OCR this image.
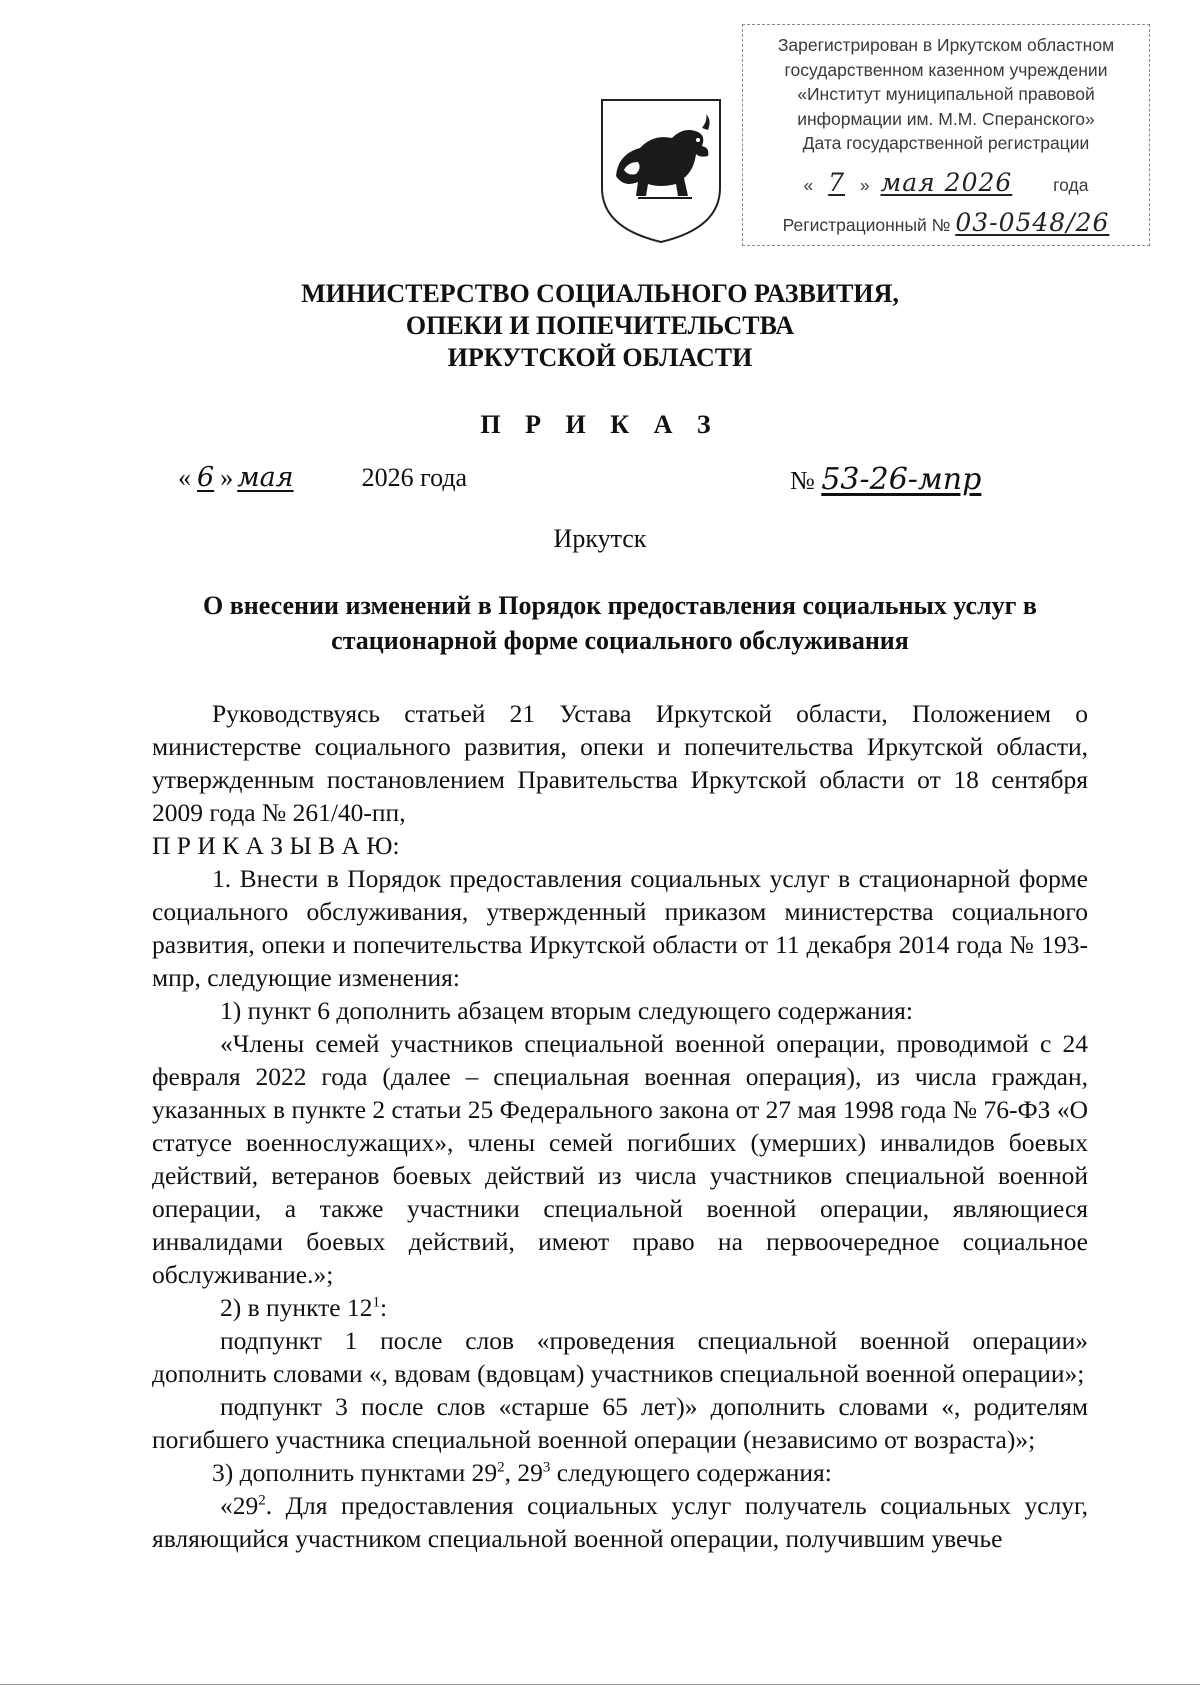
Зарегистрирован в Иркутском областном
государственном казенном учреждении
«Институт муниципальной правовой
информации им. М.М. Сперанского»
Дата государственной регистрации
« 7 » мая 2026 года
Регистрационный № 03-0548/26
МИНИСТЕРСТВО СОЦИАЛЬНОГО РАЗВИТИЯ,
ОПЕКИ И ПОПЕЧИТЕЛЬСТВА
ИРКУТСКОЙ ОБЛАСТИ
П Р И К А З
« 6 » мая	2026 года	№ 53-26-мпр
Иркутск
О внесении изменений в Порядок предоставления социальных услуг в
стационарной форме социального обслуживания

Руководствуясь статьей 21 Устава Иркутской области, Положением о министерстве социального развития, опеки и попечительства Иркутской области, утвержденным постановлением Правительства Иркутской области от 18 сентября 2009 года № 261/40-пп,

П Р И К А З Ы В А Ю:

1. Внести в Порядок предоставления социальных услуг в стационарной форме социального обслуживания, утвержденный приказом министерства социального развития, опеки и попечительства Иркутской области от 11 декабря 2014 года № 193-мпр, следующие изменения:

1) пункт 6 дополнить абзацем вторым следующего содержания:

«Члены семей участников специальной военной операции, проводимой с 24 февраля 2022 года (далее – специальная военная операция), из числа граждан, указанных в пункте 2 статьи 25 Федерального закона от 27 мая 1998 года № 76-ФЗ «О статусе военнослужащих», члены семей погибших (умерших) инвалидов боевых действий, ветеранов боевых действий из числа участников специальной военной операции, а также участники специальной военной операции, являющиеся инвалидами боевых действий, имеют право на первоочередное социальное обслуживание.»;

2) в пункте $12^1$:

подпункт 1 после слов «проведения специальной военной операции» дополнить словами «, вдовам (вдовцам) участников специальной военной операции»;

подпункт 3 после слов «старше 65 лет)» дополнить словами «, родителям погибшего участника специальной военной операции (независимо от возраста)»;

3) дополнить пунктами $29^2$, $29^3$ следующего содержания:

«$29^2$. Для предоставления социальных услуг получатель социальных услуг, являющийся участником специальной военной операции, получившим увечье
